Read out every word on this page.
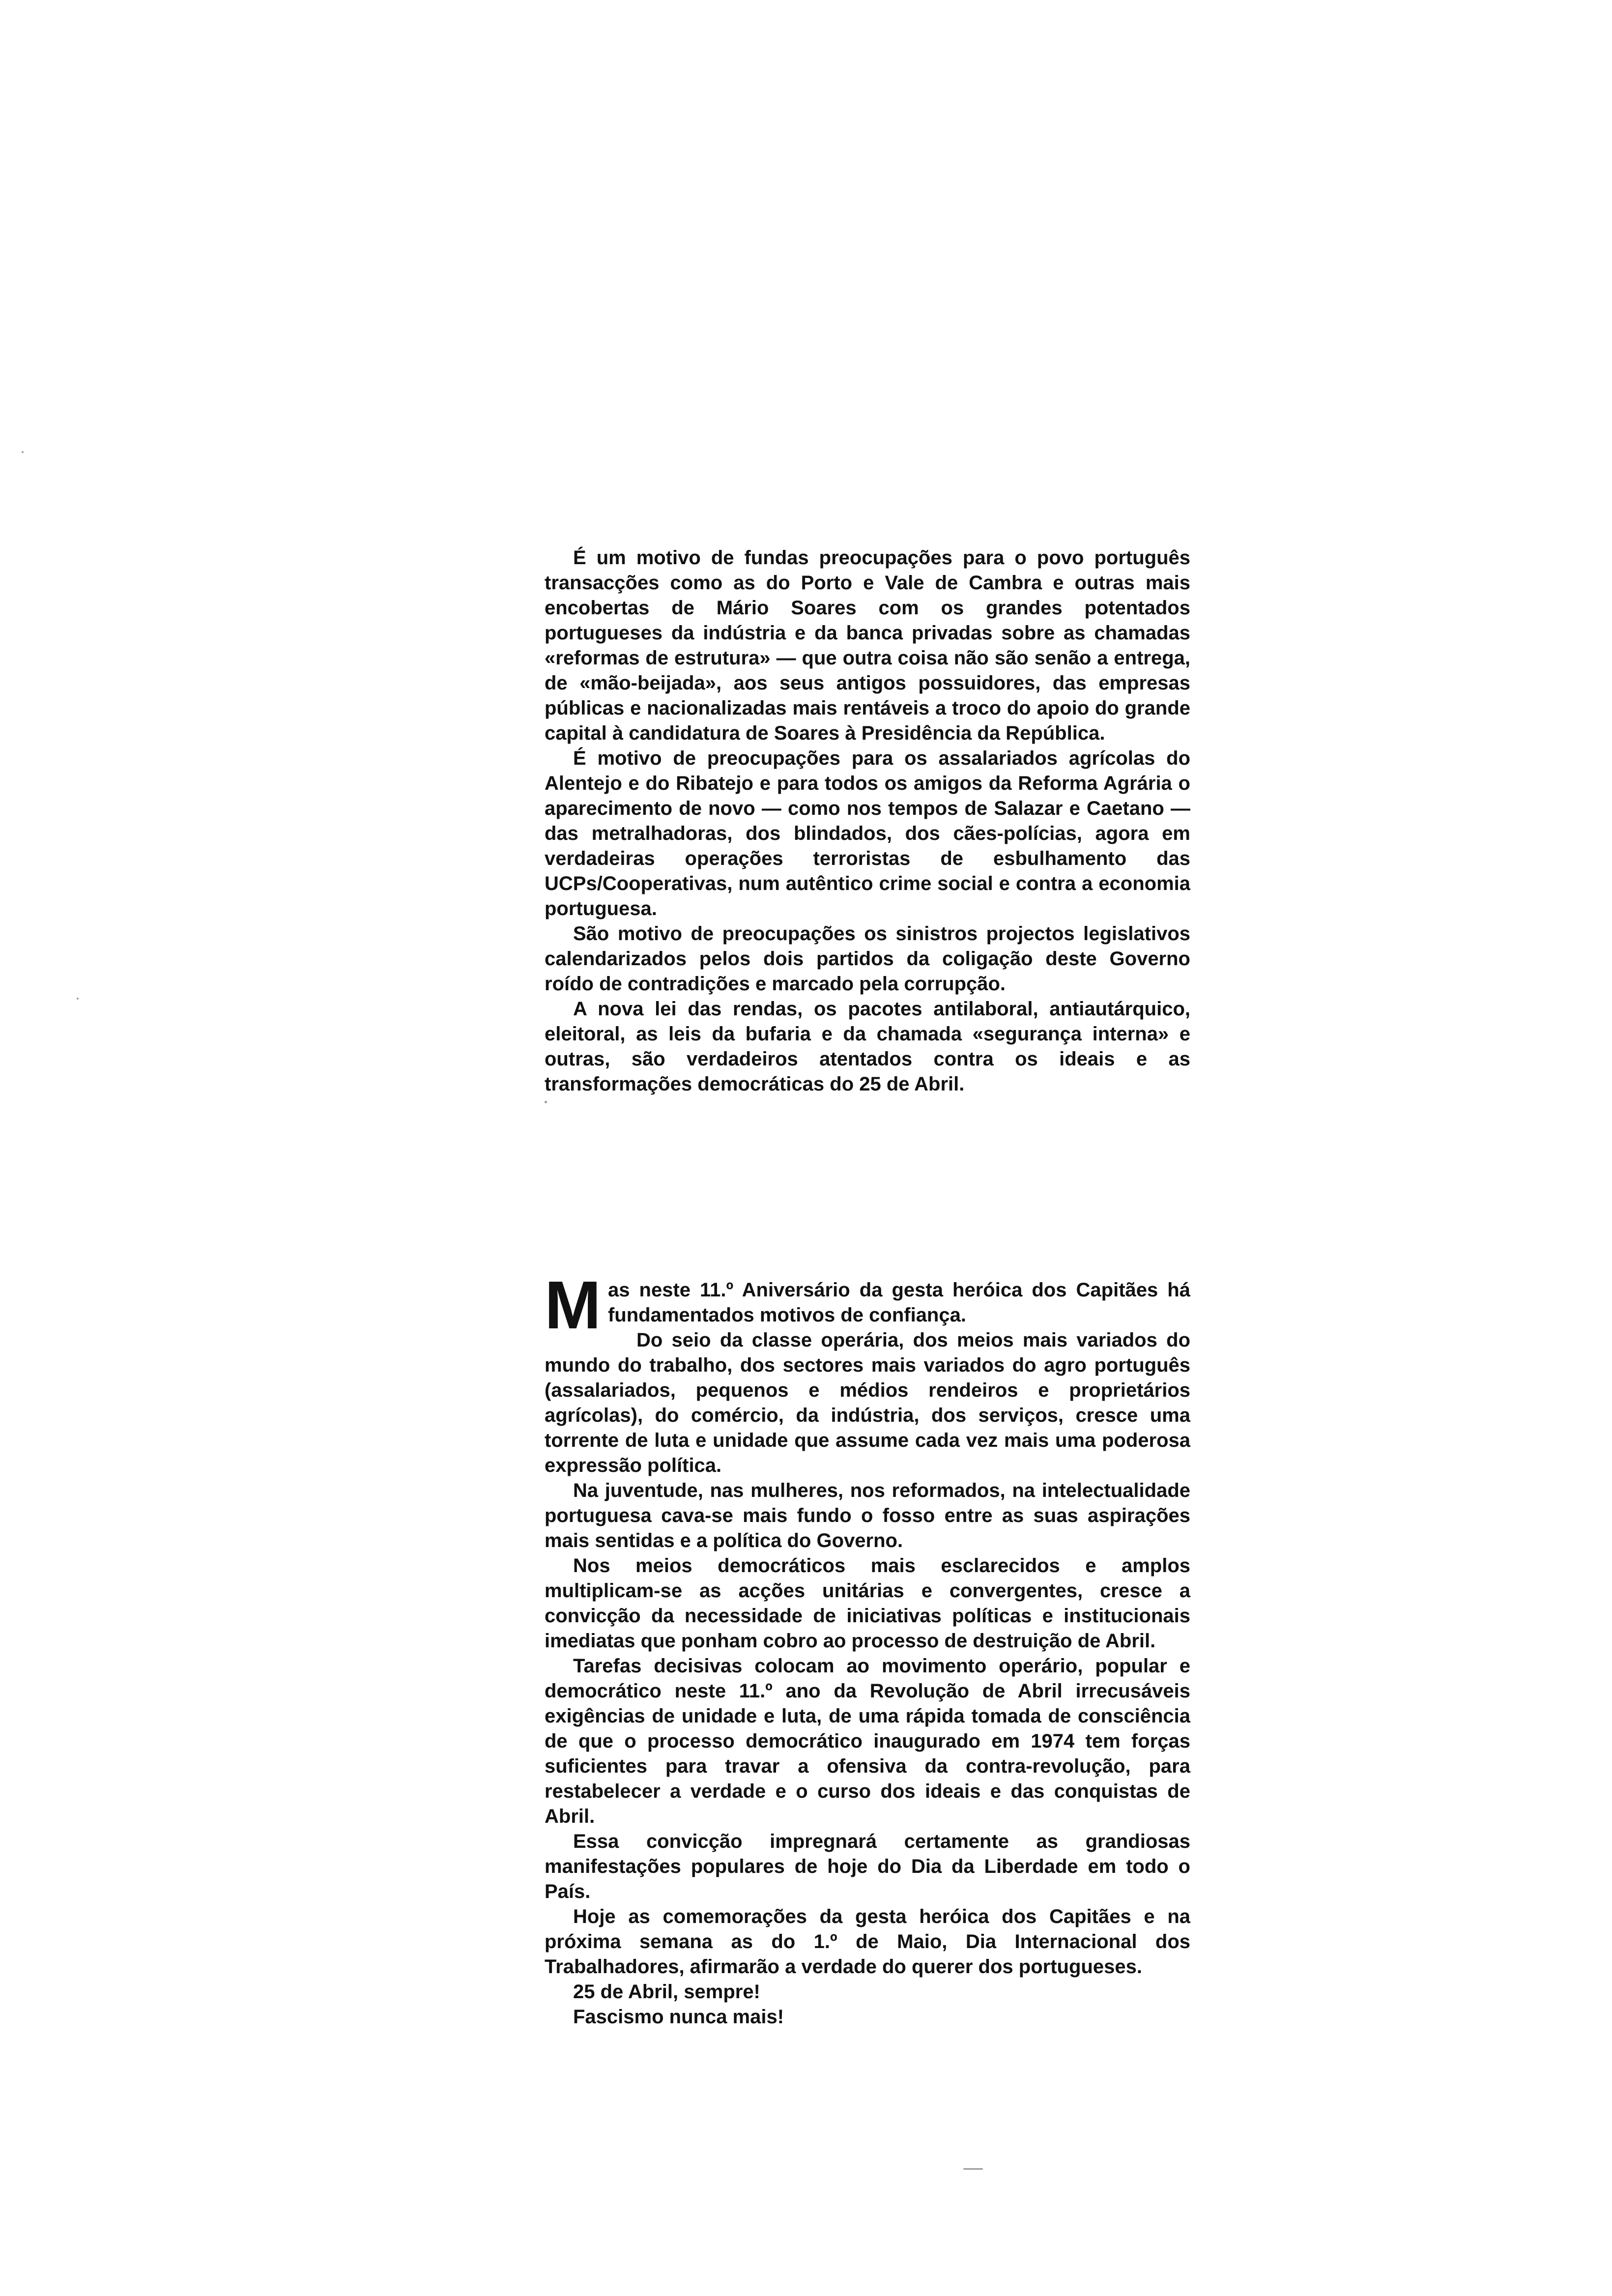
É um motivo de fundas preocupações para o povo português transacções como as do Porto e Vale de Cambra e outras mais encobertas de Mário Soares com os grandes potentados portugueses da indústria e da banca privadas sobre as chamadas «reformas de estrutura» — que outra coisa não são senão a entrega, de «mão-beijada», aos seus antigos possuidores, das empresas públicas e nacionalizadas mais rentáveis a troco do apoio do grande capital à candidatura de Soares à Presidência da República.

É motivo de preocupações para os assalariados agrícolas do Alentejo e do Ribatejo e para todos os amigos da Reforma Agrária o aparecimento de novo — como nos tempos de Salazar e Caetano — das metralhadoras, dos blindados, dos cães-polícias, agora em verdadeiras operações terroristas de esbulhamento das UCPs/Cooperativas, num autêntico crime social e contra a economia portuguesa.

São motivo de preocupações os sinistros projectos legislativos calendarizados pelos dois partidos da coligação deste Governo roído de contradições e marcado pela corrupção.

A nova lei das rendas, os pacotes antilaboral, antiautárquico, eleitoral, as leis da bufaria e da chamada «segurança interna» e outras, são verdadeiros atentados contra os ideais e as transformações democráticas do 25 de Abril.

Mas neste 11.º Aniversário da gesta heróica dos Capitães há fundamentados motivos de confiança.

Do seio da classe operária, dos meios mais variados do mundo do trabalho, dos sectores mais variados do agro português (assalariados, pequenos e médios rendeiros e proprietários agrícolas), do comércio, da indústria, dos serviços, cresce uma torrente de luta e unidade que assume cada vez mais uma poderosa expressão política.

Na juventude, nas mulheres, nos reformados, na intelectualidade portuguesa cava-se mais fundo o fosso entre as suas aspirações mais sentidas e a política do Governo.

Nos meios democráticos mais esclarecidos e amplos multiplicam-se as acções unitárias e convergentes, cresce a convicção da necessidade de iniciativas políticas e institucionais imediatas que ponham cobro ao processo de destruição de Abril.

Tarefas decisivas colocam ao movimento operário, popular e democrático neste 11.º ano da Revolução de Abril irrecusáveis exigências de unidade e luta, de uma rápida tomada de consciência de que o processo democrático inaugurado em 1974 tem forças suficientes para travar a ofensiva da contra-revolução, para restabelecer a verdade e o curso dos ideais e das conquistas de Abril.

Essa convicção impregnará certamente as grandiosas manifestações populares de hoje do Dia da Liberdade em todo o País.

Hoje as comemorações da gesta heróica dos Capitães e na próxima semana as do 1.º de Maio, Dia Internacional dos Trabalhadores, afirmarão a verdade do querer dos portugueses.

25 de Abril, sempre!

Fascismo nunca mais!
